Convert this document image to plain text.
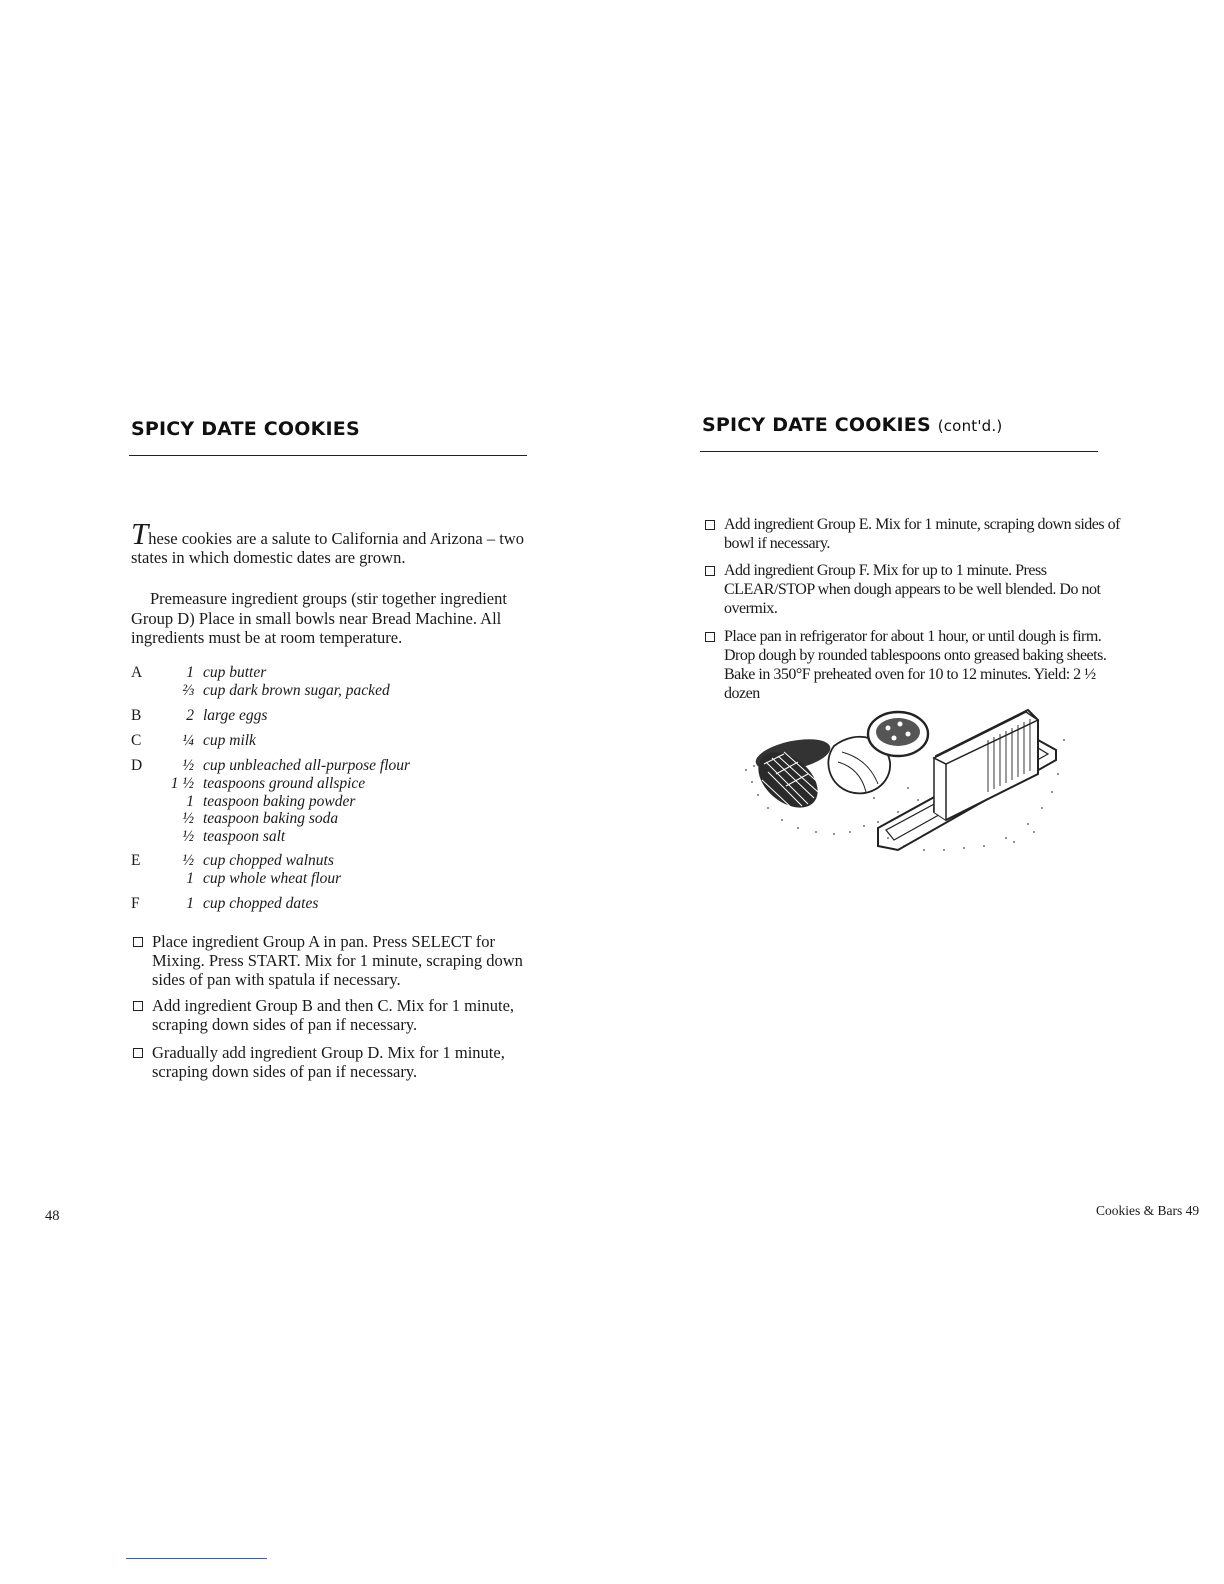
SPICY DATE COOKIES
These cookies are a salute to California and Arizona – two states in which domestic dates are grown.
Premeasure ingredient groups (stir together ingredient Group D) Place in small bowls near Bread Machine. All ingredients must be at room temperature.
A	1 cup butter
⅔ cup dark brown sugar, packed
B	2 large eggs
C	¼ cup milk
D	½ cup unbleached all-purpose flour
1 ½ teaspoons ground allspice
1 teaspoon baking powder
½ teaspoon baking soda
½ teaspoon salt
E	½ cup chopped walnuts
1 cup whole wheat flour
F	1 cup chopped dates
Place ingredient Group A in pan. Press SELECT for Mixing. Press START. Mix for 1 minute, scraping down sides of pan with spatula if necessary.
Add ingredient Group B and then C. Mix for 1 minute, scraping down sides of pan if necessary.
Gradually add ingredient Group D. Mix for 1 minute, scraping down sides of pan if necessary.
48
SPICY DATE COOKIES (cont'd.)
Add ingredient Group E. Mix for 1 minute, scraping down sides of bowl if necessary.
Add ingredient Group F. Mix for up to 1 minute. Press CLEAR/STOP when dough appears to be well blended. Do not overmix.
Place pan in refrigerator for about 1 hour, or until dough is firm. Drop dough by rounded tablespoons onto greased baking sheets. Bake in 350°F preheated oven for 10 to 12 minutes. Yield: 2 ½ dozen
Cookies & Bars 49
